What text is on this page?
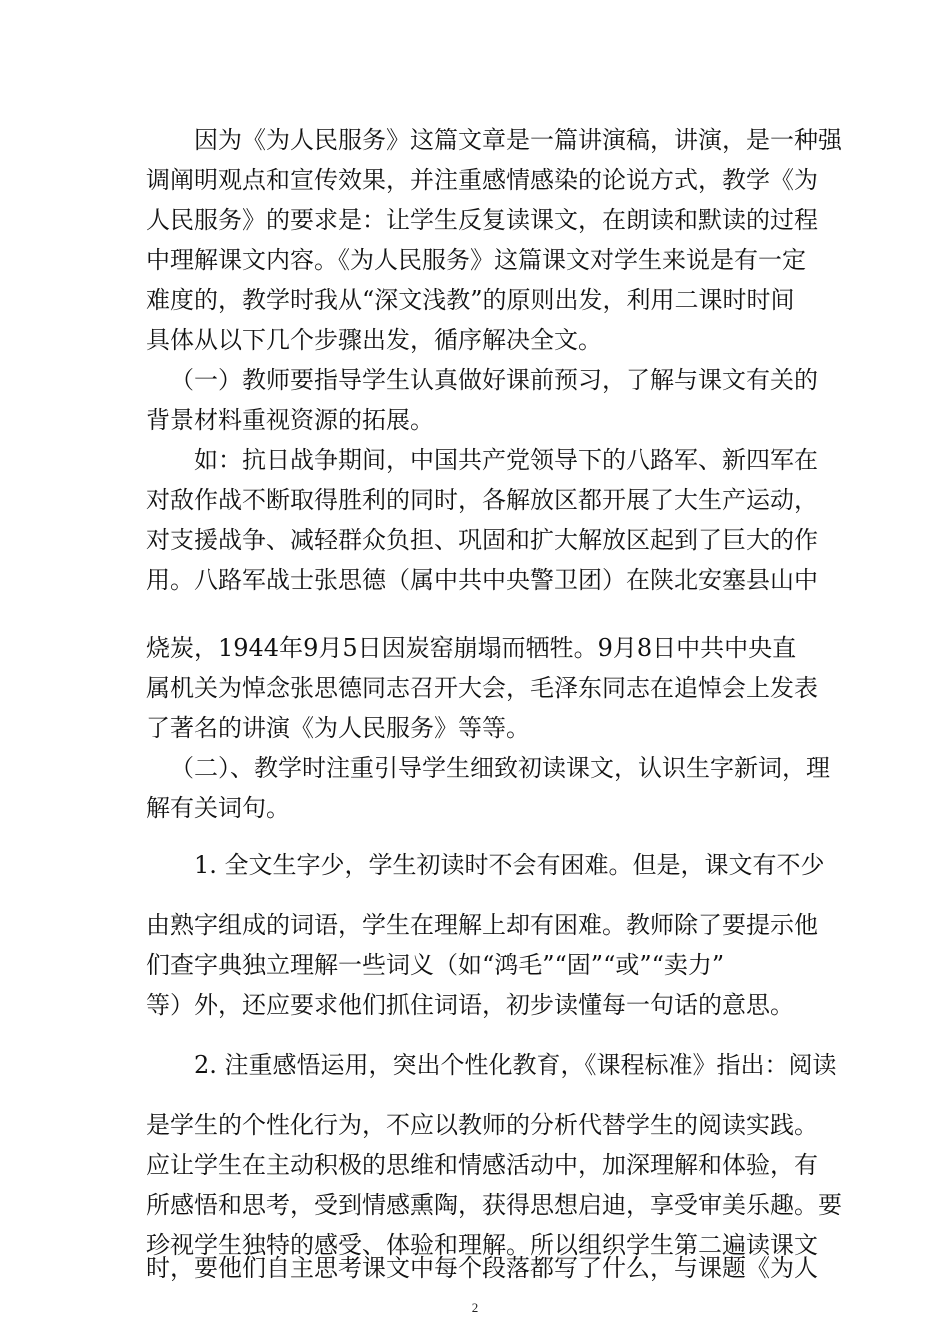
　　因为《为人民服务》这篇文章是一篇讲演稿，讲演，是一种强
调阐明观点和宣传效果，并注重感情感染的论说方式，教学《为
人民服务》的要求是：让学生反复读课文，在朗读和默读的过程
中理解课文内容。《为人民服务》这篇课文对学生来说是有一定
难度的，教学时我从“深文浅教”的原则出发，利用二课时时间
具体从以下几个步骤出发，循序解决全文。
（一）教师要指导学生认真做好课前预习，了解与课文有关的
背景材料重视资源的拓展。
　　如：抗日战争期间，中国共产党领导下的八路军、新四军在
对敌作战不断取得胜利的同时，各解放区都开展了大生产运动，
对支援战争、减轻群众负担、巩固和扩大解放区起到了巨大的作
用。八路军战士张思德（属中共中央警卫团）在陕北安塞县山中
烧炭，1944年9月5日因炭窑崩塌而牺牲。9月8日中共中央直
属机关为悼念张思德同志召开大会，毛泽东同志在追悼会上发表
了著名的讲演《为人民服务》等等。
（二）、教学时注重引导学生细致初读课文，认识生字新词，理
解有关词句。
　　1. 全文生字少，学生初读时不会有困难。但是，课文有不少
由熟字组成的词语，学生在理解上却有困难。教师除了要提示他
们查字典独立理解一些词义（如“鸿毛”“固”“或”“卖力”
等）外，还应要求他们抓住词语，初步读懂每一句话的意思。
　　2. 注重感悟运用，突出个性化教育，《课程标准》指出：阅读
是学生的个性化行为，不应以教师的分析代替学生的阅读实践。
应让学生在主动积极的思维和情感活动中，加深理解和体验，有
所感悟和思考，受到情感熏陶，获得思想启迪，享受审美乐趣。要
珍视学生独特的感受、体验和理解。所以组织学生第二遍读课文
时，要他们自主思考课文中每个段落都写了什么，与课题《为人
2
